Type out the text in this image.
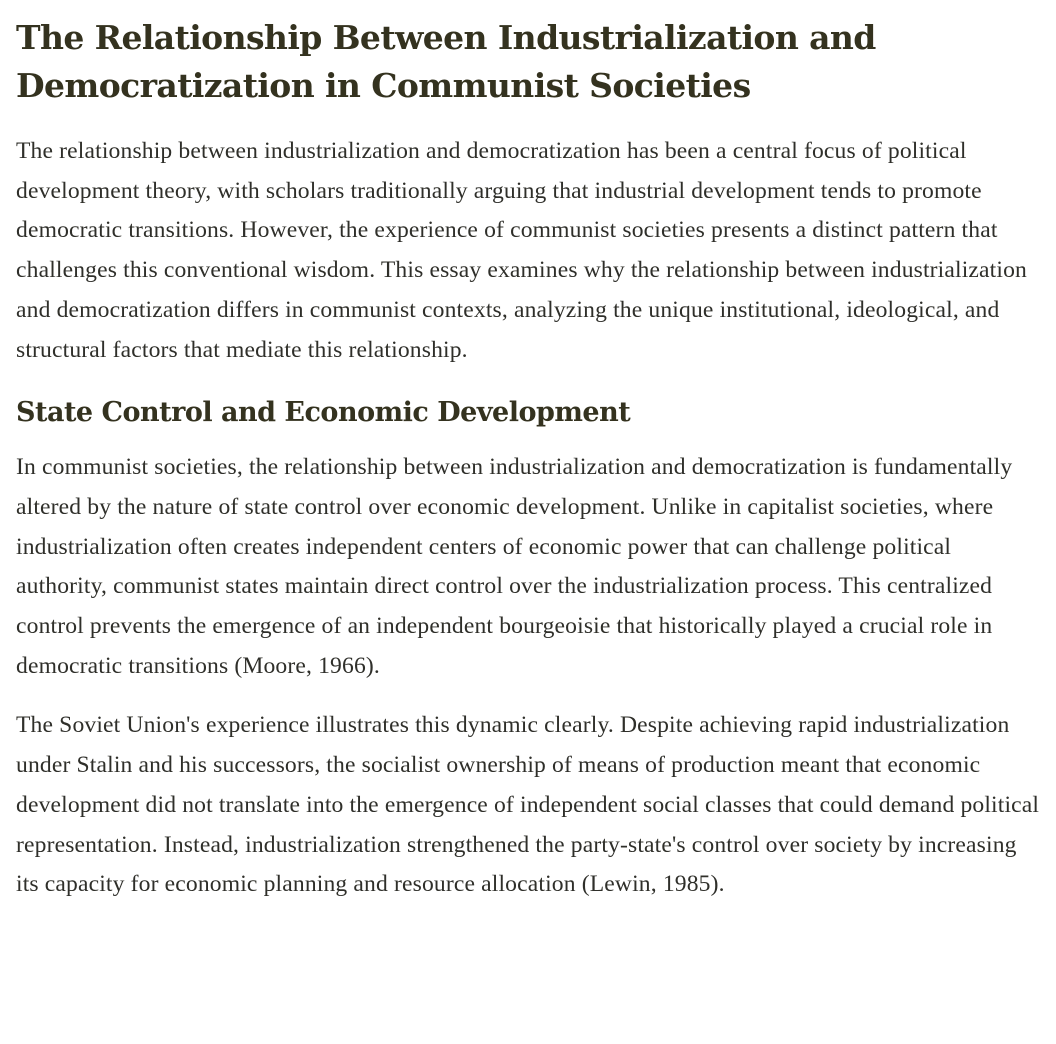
The Relationship Between Industrialization and Democratization in Communist Societies

The relationship between industrialization and democratization has been a central focus of political development theory, with scholars traditionally arguing that industrial development tends to promote democratic transitions. However, the experience of communist societies presents a distinct pattern that challenges this conventional wisdom. This essay examines why the relationship between industrialization and democratization differs in communist contexts, analyzing the unique institutional, ideological, and structural factors that mediate this relationship.

State Control and Economic Development

In communist societies, the relationship between industrialization and democratization is fundamentally altered by the nature of state control over economic development. Unlike in capitalist societies, where industrialization often creates independent centers of economic power that can challenge political authority, communist states maintain direct control over the industrialization process. This centralized control prevents the emergence of an independent bourgeoisie that historically played a crucial role in democratic transitions (Moore, 1966).

The Soviet Union's experience illustrates this dynamic clearly. Despite achieving rapid industrialization under Stalin and his successors, the socialist ownership of means of production meant that economic development did not translate into the emergence of independent social classes that could demand political representation. Instead, industrialization strengthened the party-state's control over society by increasing its capacity for economic planning and resource allocation (Lewin, 1985).
